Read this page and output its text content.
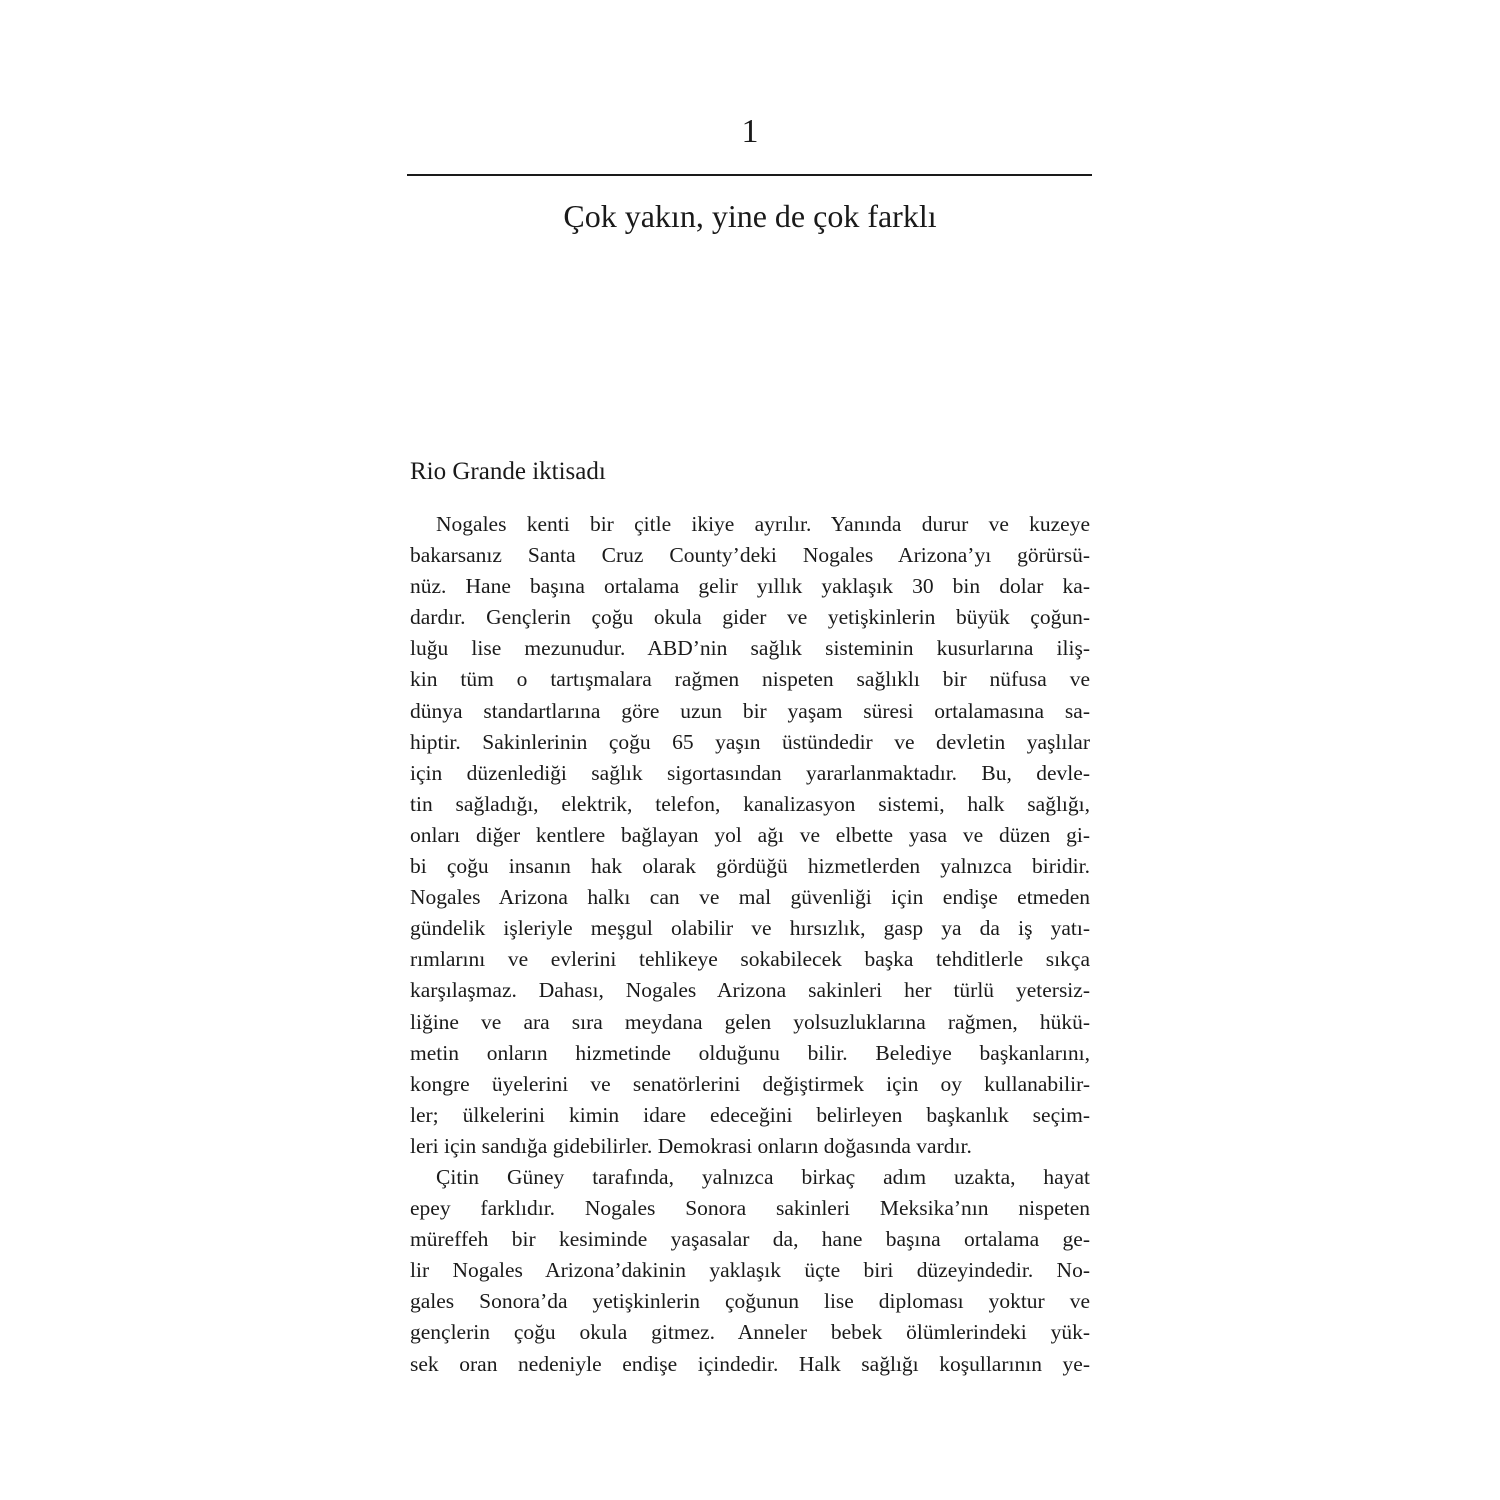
1
Çok yakın, yine de çok farklı
Rio Grande iktisadı
Nogales kenti bir çitle ikiye ayrılır. Yanında durur ve kuzeye
bakarsanız Santa Cruz County’deki Nogales Arizona’yı görürsü-
nüz. Hane başına ortalama gelir yıllık yaklaşık 30 bin dolar ka-
dardır. Gençlerin çoğu okula gider ve yetişkinlerin büyük çoğun-
luğu lise mezunudur. ABD’nin sağlık sisteminin kusurlarına iliş-
kin tüm o tartışmalara rağmen nispeten sağlıklı bir nüfusa ve
dünya standartlarına göre uzun bir yaşam süresi ortalamasına sa-
hiptir. Sakinlerinin çoğu 65 yaşın üstündedir ve devletin yaşlılar
için düzenlediği sağlık sigortasından yararlanmaktadır. Bu, devle-
tin sağladığı, elektrik, telefon, kanalizasyon sistemi, halk sağlığı,
onları diğer kentlere bağlayan yol ağı ve elbette yasa ve düzen gi-
bi çoğu insanın hak olarak gördüğü hizmetlerden yalnızca biridir.
Nogales Arizona halkı can ve mal güvenliği için endişe etmeden
gündelik işleriyle meşgul olabilir ve hırsızlık, gasp ya da iş yatı-
rımlarını ve evlerini tehlikeye sokabilecek başka tehditlerle sıkça
karşılaşmaz. Dahası, Nogales Arizona sakinleri her türlü yetersiz-
liğine ve ara sıra meydana gelen yolsuzluklarına rağmen, hükü-
metin onların hizmetinde olduğunu bilir. Belediye başkanlarını,
kongre üyelerini ve senatörlerini değiştirmek için oy kullanabilir-
ler; ülkelerini kimin idare edeceğini belirleyen başkanlık seçim-
leri için sandığa gidebilirler. Demokrasi onların doğasında vardır.
Çitin Güney tarafında, yalnızca birkaç adım uzakta, hayat
epey farklıdır. Nogales Sonora sakinleri Meksika’nın nispeten
müreffeh bir kesiminde yaşasalar da, hane başına ortalama ge-
lir Nogales Arizona’dakinin yaklaşık üçte biri düzeyindedir. No-
gales Sonora’da yetişkinlerin çoğunun lise diploması yoktur ve
gençlerin çoğu okula gitmez. Anneler bebek ölümlerindeki yük-
sek oran nedeniyle endişe içindedir. Halk sağlığı koşullarının ye-
